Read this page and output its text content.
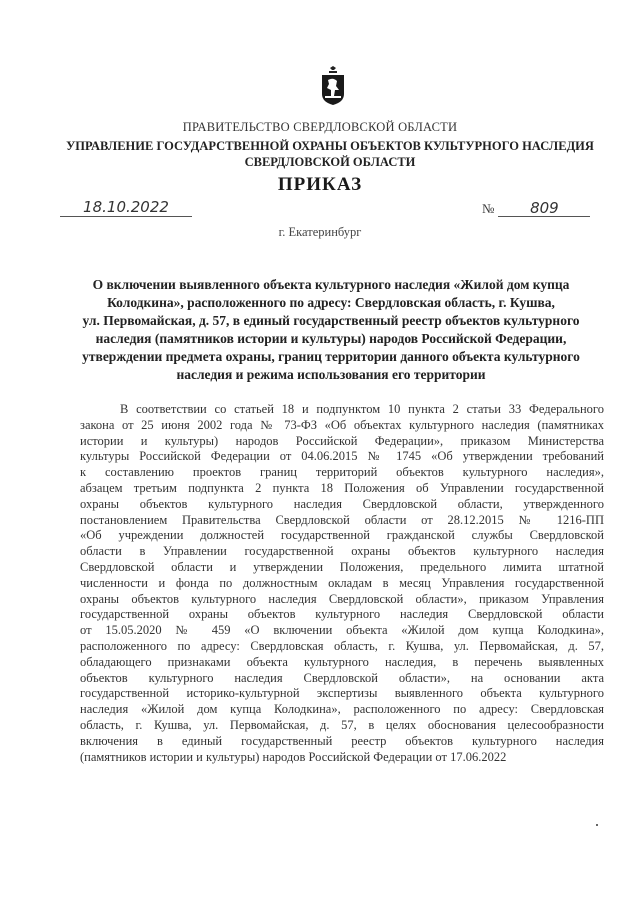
ПРАВИТЕЛЬСТВО СВЕРДЛОВСКОЙ ОБЛАСТИ
УПРАВЛЕНИЕ ГОСУДАРСТВЕННОЙ ОХРАНЫ ОБЪЕКТОВ КУЛЬТУРНОГО НАСЛЕДИЯ
СВЕРДЛОВСКОЙ ОБЛАСТИ
ПРИКАЗ
18.10.2022	№ 809
г. Екатеринбург
О включении выявленного объекта культурного наследия «Жилой дом купца
Колодкина», расположенного по адресу: Свердловская область, г. Кушва,
ул. Первомайская, д. 57, в единый государственный реестр объектов культурного
наследия (памятников истории и культуры) народов Российской Федерации,
утверждении предмета охраны, границ территории данного объекта культурного
наследия и режима использования его территории
В соответствии со статьей 18 и подпунктом 10 пункта 2 статьи 33 Федерального
закона от 25 июня 2002 года № 73-ФЗ «Об объектах культурного наследия (памятниках
истории и культуры) народов Российской Федерации», приказом Министерства
культуры Российской Федерации от 04.06.2015 № 1745 «Об утверждении требований
к составлению проектов границ территорий объектов культурного наследия»,
абзацем третьим подпункта 2 пункта 18 Положения об Управлении государственной
охраны объектов культурного наследия Свердловской области, утвержденного
постановлением Правительства Свердловской области от 28.12.2015 № 1216-ПП
«Об учреждении должностей государственной гражданской службы Свердловской
области в Управлении государственной охраны объектов культурного наследия
Свердловской области и утверждении Положения, предельного лимита штатной
численности и фонда по должностным окладам в месяц Управления государственной
охраны объектов культурного наследия Свердловской области», приказом Управления
государственной охраны объектов культурного наследия Свердловской области
от 15.05.2020 № 459 «О включении объекта «Жилой дом купца Колодкина»,
расположенного по адресу: Свердловская область, г. Кушва, ул. Первомайская, д. 57,
обладающего признаками объекта культурного наследия, в перечень выявленных
объектов культурного наследия Свердловской области», на основании акта
государственной историко-культурной экспертизы выявленного объекта культурного
наследия «Жилой дом купца Колодкина», расположенного по адресу: Свердловская
область, г. Кушва, ул. Первомайская, д. 57, в целях обоснования целесообразности
включения в единый государственный реестр объектов культурного наследия
(памятников истории и культуры) народов Российской Федерации от 17.06.2022
